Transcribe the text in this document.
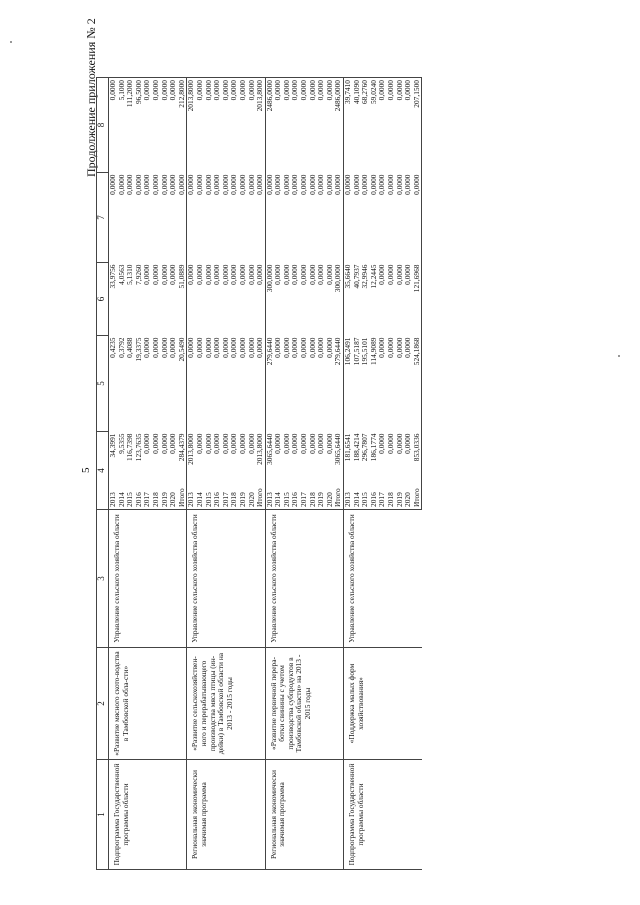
5
Продолжение приложения № 2
1	2	3	4		5	6	7	8
Подпрограмма Государственной программы области	«Развитие мясного ското-водства в Тамбовской обла-сти»	Управление сельского хозяйства области	2013	34,3991	0,4235	33,9756	0,0000	0,0000
			2014	9,5355	0,3792	4,0563	0,0000	5,1000
			2015	116,7398	0,4088	5,1310	0,0000	111,2000
			2016	123,7635	19,3375	7,9260	0,0000	96,5000
			2017	0,0000	0,0000	0,0000	0,0000	0,0000
			2018	0,0000	0,0000	0,0000	0,0000	0,0000
			2019	0,0000	0,0000	0,0000	0,0000	0,0000
			2020	0,0000	0,0000	0,0000	0,0000	0,0000
			Итого	284,4379	20,5490	51,0889	0,0000	212,8000
Региональная экономически значимая программа	«Развитие сельскохозяйствен-ного и перерабатывающего производства мяса птицы (ин-дейки) в Тамбовской области на 2013 - 2015 годы	Управление сельского хозяйства области	2013	2013,8000	0,0000	0,0000	0,0000	2013,8000
			2014	0,0000	0,0000	0,0000	0,0000	0,0000
			2015	0,0000	0,0000	0,0000	0,0000	0,0000
			2016	0,0000	0,0000	0,0000	0,0000	0,0000
			2017	0,0000	0,0000	0,0000	0,0000	0,0000
			2018	0,0000	0,0000	0,0000	0,0000	0,0000
			2019	0,0000	0,0000	0,0000	0,0000	0,0000
			2020	0,0000	0,0000	0,0000	0,0000	0,0000
			Итого	2013,8000	0,0000	0,0000	0,0000	2013,8000
Региональная экономически значимая программа	«Развитие первичной перера-ботки свинины с учетом производства субпродуктов в Тамбовской области» на 2013 - 2015 годы	Управление сельского хозяйства области	2013	3065,6440	279,6440	300,0000	0,0000	2486,0000
			2014	0,0000	0,0000	0,0000	0,0000	0,0000
			2015	0,0000	0,0000	0,0000	0,0000	0,0000
			2016	0,0000	0,0000	0,0000	0,0000	0,0000
			2017	0,0000	0,0000	0,0000	0,0000	0,0000
			2018	0,0000	0,0000	0,0000	0,0000	0,0000
			2019	0,0000	0,0000	0,0000	0,0000	0,0000
			2020	0,0000	0,0000	0,0000	0,0000	0,0000
			Итого	3065,6440	279,6440	300,0000	0,0000	2486,0000
Подпрограмма Государственной программы области	«Поддержка малых форм хозяйствования»	Управление сельского хозяйства области	2013	181,6541	106,2491	35,6640	0,0000	39,7410
			2014	188,4214	107,5187	40,7937	0,0000	40,1090
			2015	296,7807	195,5101	32,9946	0,0000	68,2760
			2016	186,1774	114,9089	12,2445	0,0000	59,0240
			2017	0,0000	0,0000	0,0000	0,0000	0,0000
			2018	0,0000	0,0000	0,0000	0,0000	0,0000
			2019	0,0000	0,0000	0,0000	0,0000	0,0000
			2020	0,0000	0,0000	0,0000	0,0000	0,0000
			Итого	853,0336	524,1868	121,6968	0,0000	207,1500
